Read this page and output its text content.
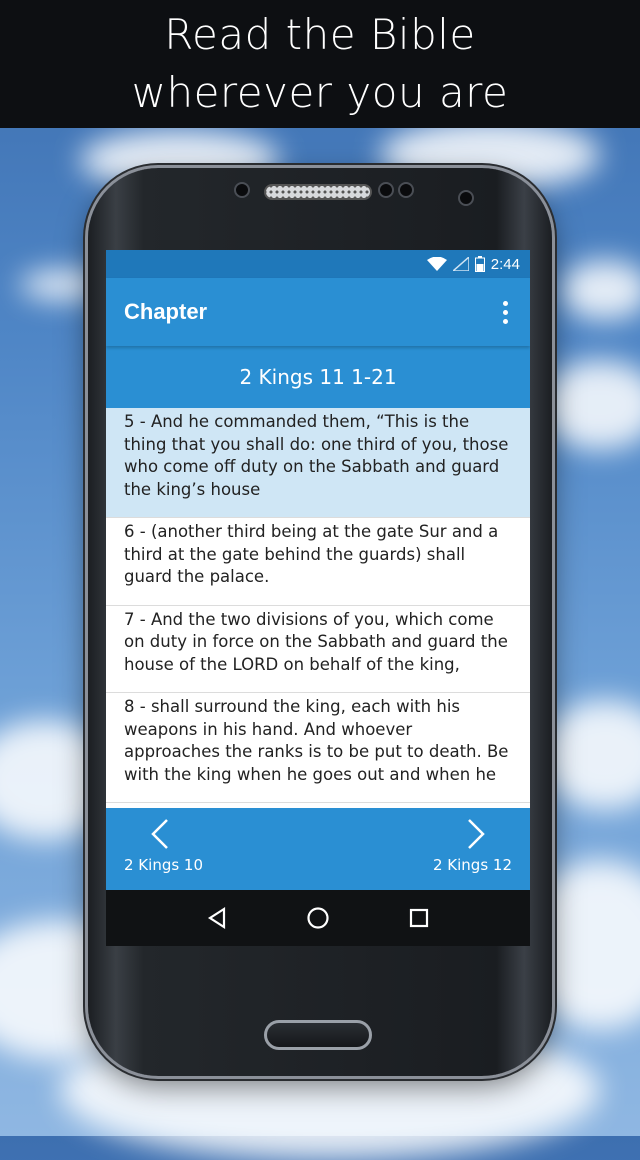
Read the Bible
wherever you are
2:44
Chapter
2 Kings 11 1-21
5 - And he commanded them, “This is the thing that you shall do: one third of you, those who come off duty on the Sabbath and guard the king’s house
6 - (another third being at the gate Sur and a third at the gate behind the guards) shall guard the palace.
7 - And the two divisions of you, which come on duty in force on the Sabbath and guard the house of the LORD on behalf of the king,
8 - shall surround the king, each with his weapons in his hand. And whoever approaches the ranks is to be put to death. Be with the king when he goes out and when he
2 Kings 10	2 Kings 12
